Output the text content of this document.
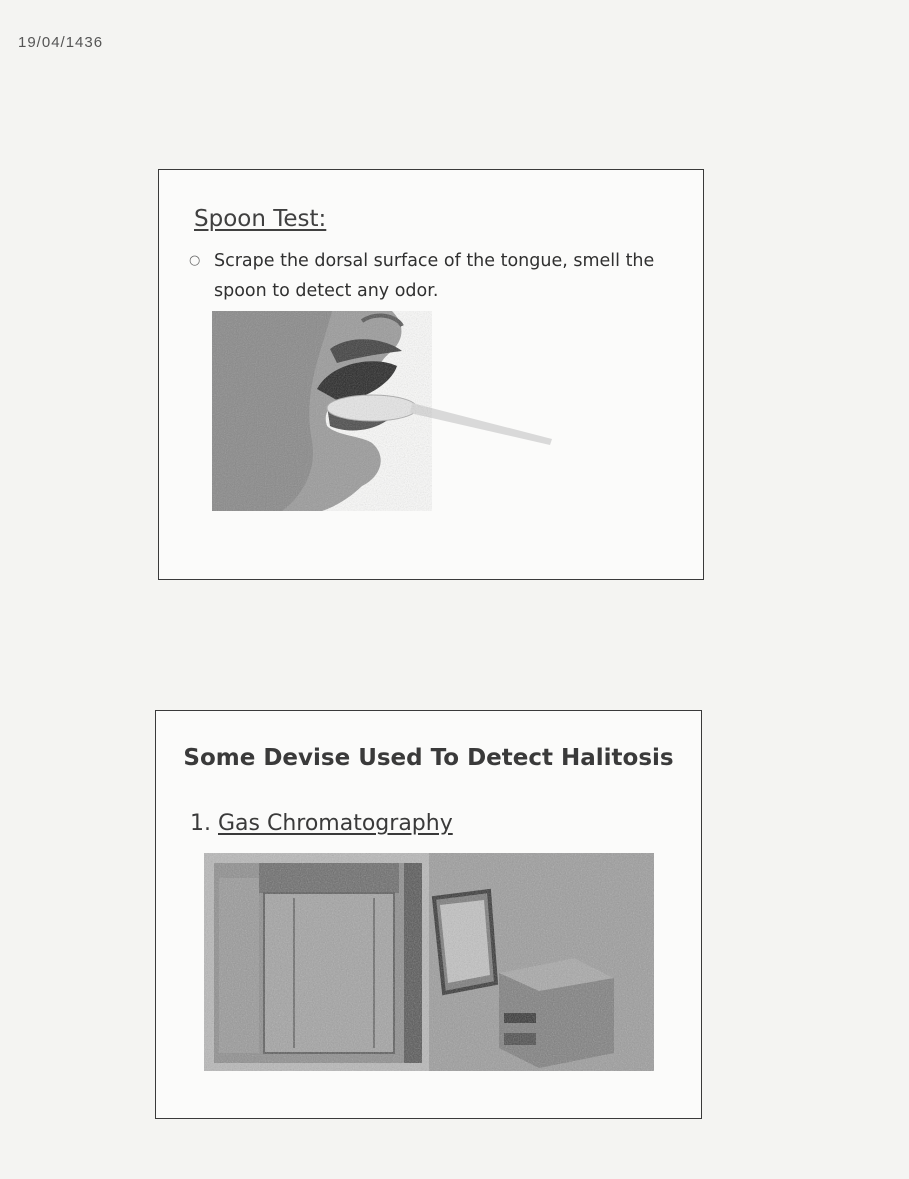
19/04/1436
Spoon Test:
○ Scrape the dorsal surface of the tongue, smell the spoon to detect any odor.
Some Devise Used To Detect Halitosis
1. Gas Chromatography
